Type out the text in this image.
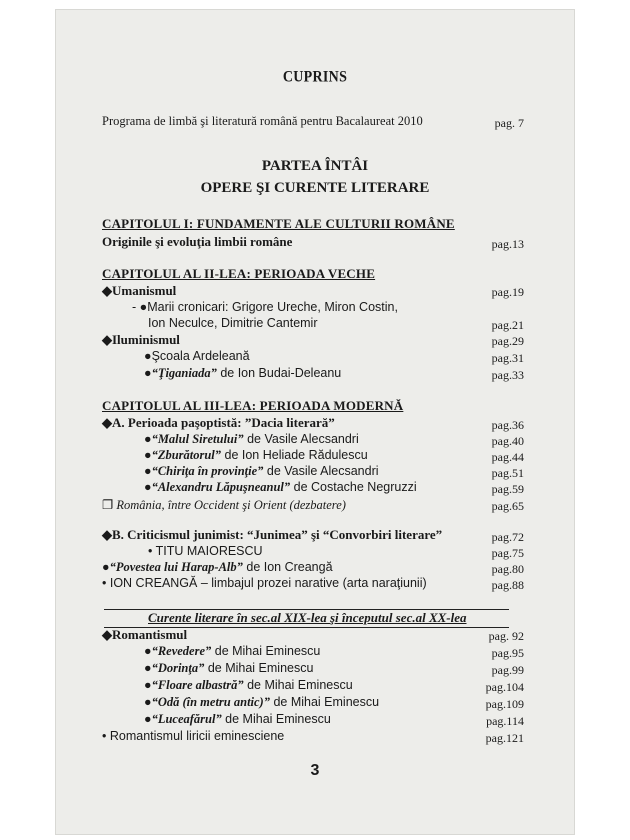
CUPRINS
Programa de limbă şi literatură română pentru Bacalaureat 2010	pag. 7
PARTEA ÎNTÂI
OPERE ŞI CURENTE LITERARE
CAPITOLUL I: FUNDAMENTE ALE CULTURII ROMÂNE
Originile şi evoluţia limbii române	pag.13
CAPITOLUL AL II-LEA: PERIOADA VECHE
◆Umanismul	pag.19
- ●Marii cronicari: Grigore Ureche, Miron Costin,
Ion Neculce, Dimitrie Cantemir	pag.21
◆Iluminismul	pag.29
●Şcoala Ardeleană	pag.31
●“Ţiganiada” de Ion Budai-Deleanu	pag.33
CAPITOLUL AL III-LEA: PERIOADA MODERNĂ
◆A. Perioada paşoptistă: ”Dacia literară”	pag.36
●“Malul Siretului” de Vasile Alecsandri	pag.40
●“Zburătorul” de Ion Heliade Rădulescu	pag.44
●“Chiriţa în provinţie” de Vasile Alecsandri	pag.51
●“Alexandru Lăpuşneanul” de Costache Negruzzi	pag.59
❐ România, între Occident şi Orient (dezbatere)	pag.65
◆B. Criticismul junimist: “Junimea” şi “Convorbiri literare”	pag.72
• TITU MAIORESCU	pag.75
●“Povestea lui Harap-Alb” de Ion Creangă	pag.80
• ION CREANGĂ – limbajul prozei narative (arta naraţiunii)	pag.88
Curente literare în sec.al XIX-lea şi începutul sec.al XX-lea
◆Romantismul	pag. 92
●“Revedere” de Mihai Eminescu	pag.95
●“Dorinţa” de Mihai Eminescu	pag.99
●“Floare albastră” de Mihai Eminescu	pag.104
●“Odă (în metru antic)” de Mihai Eminescu	pag.109
●“Luceafărul” de Mihai Eminescu	pag.114
• Romantismul liricii eminesciene	pag.121
3
